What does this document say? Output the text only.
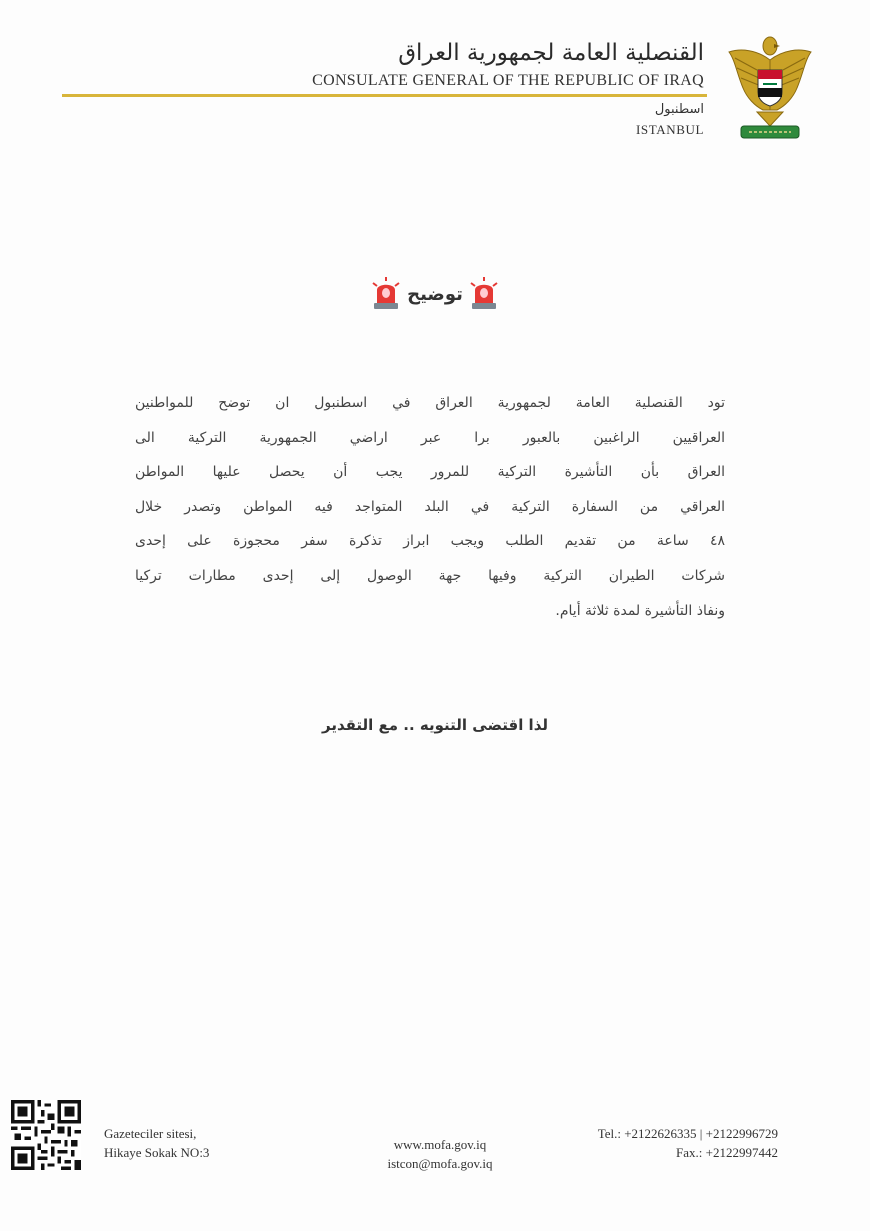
القنصلية العامة لجمهورية العراق
CONSULATE GENERAL OF THE REPUBLIC OF IRAQ
اسطنبول
ISTANBUL
توضيح
تود القنصلية العامة لجمهورية العراق في اسطنبول ان توضح للمواطنين
العراقيين الراغبين بالعبور برا عبر اراضي الجمهورية التركية الى
العراق بأن التأشيرة التركية للمرور يجب أن يحصل عليها المواطن
العراقي من السفارة التركية في البلد المتواجد فيه المواطن وتصدر خلال
٤٨ ساعة من تقديم الطلب ويجب ابراز تذكرة سفر محجوزة على إحدى
شركات الطيران التركية وفيها جهة الوصول إلى إحدى مطارات تركيا
ونفاذ التأشيرة لمدة ثلاثة أيام.
لذا اقتضى التنويه .. مع التقدير
Gazeteciler sitesi,
Hikaye Sokak NO:3
www.mofa.gov.iq
istcon@mofa.gov.iq
Tel.: +2122626335 | +2122996729
Fax.: +2122997442
